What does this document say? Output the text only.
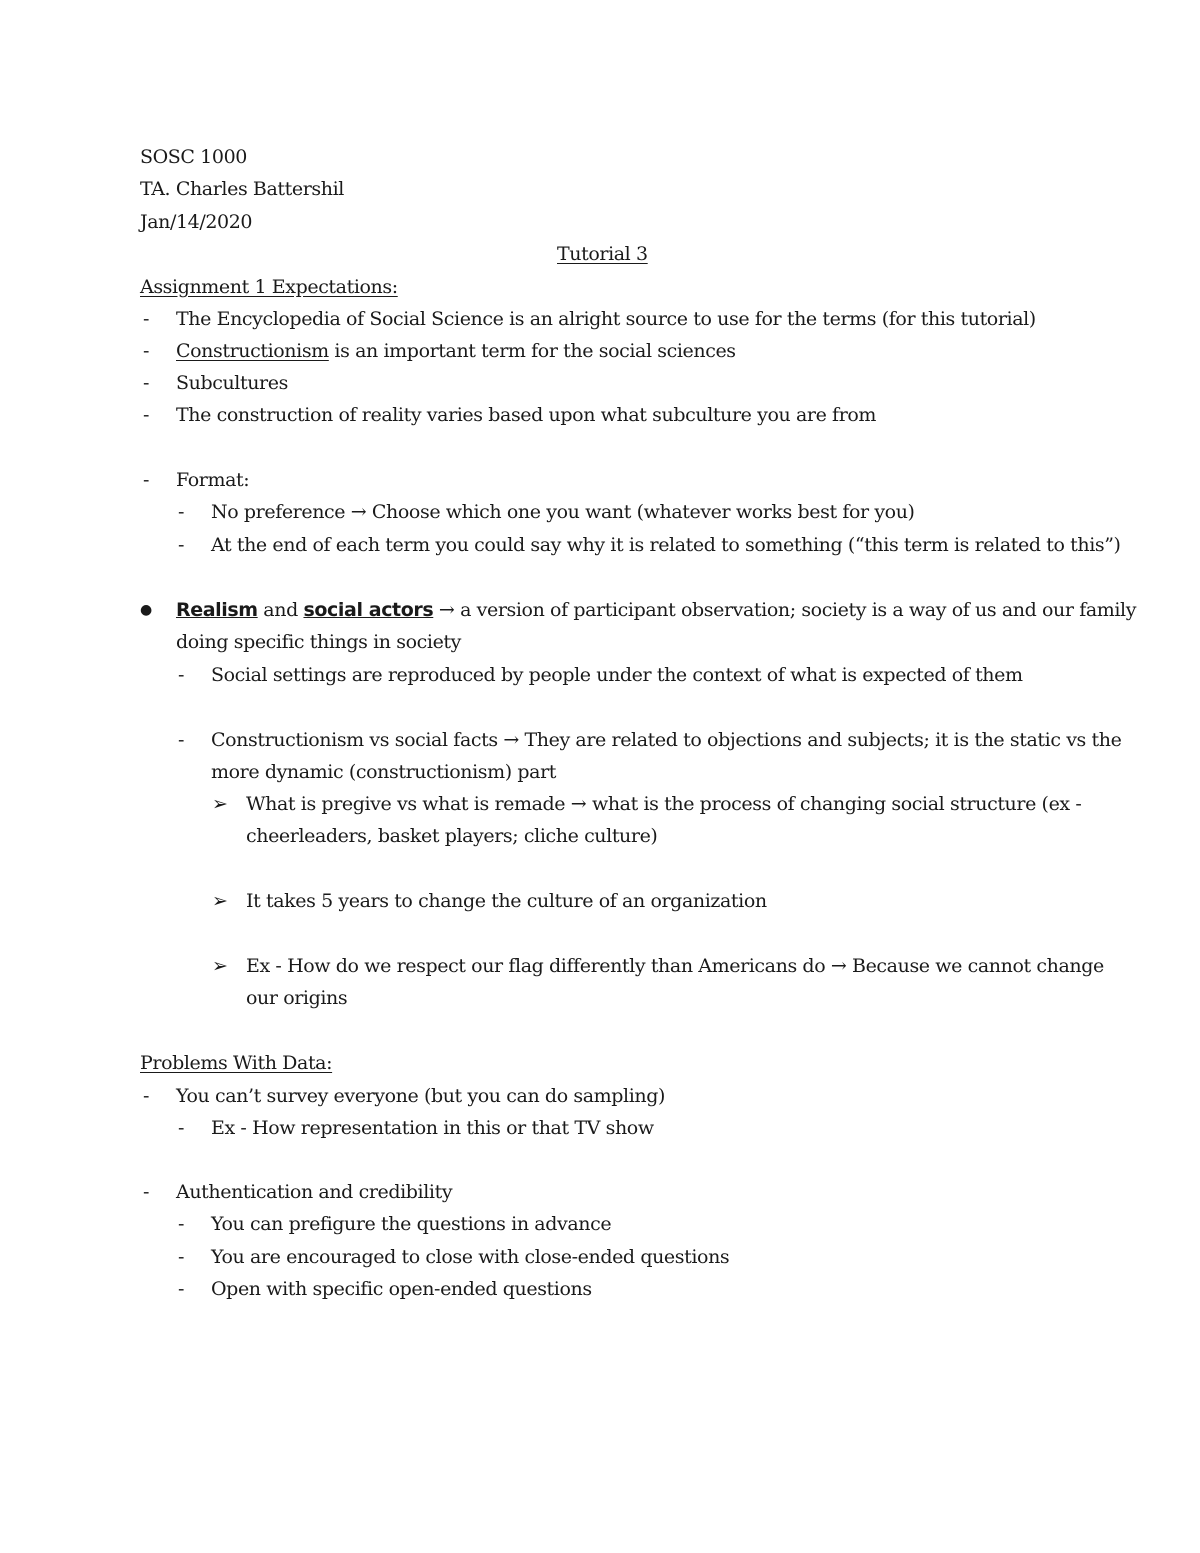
SOSC 1000
TA. Charles Battershil
Jan/14/2020
Tutorial 3
Assignment 1 Expectations:
- The Encyclopedia of Social Science is an alright source to use for the terms (for this tutorial)
- Constructionism is an important term for the social sciences
- Subcultures
- The construction of reality varies based upon what subculture you are from
- Format:
- No preference → Choose which one you want (whatever works best for you)
- At the end of each term you could say why it is related to something (“this term is related to this”)
● Realism and social actors → a version of participant observation; society is a way of us and our family
doing specific things in society
- Social settings are reproduced by people under the context of what is expected of them
- Constructionism vs social facts → They are related to objections and subjects; it is the static vs the
more dynamic (constructionism) part
➢ What is pregive vs what is remade → what is the process of changing social structure (ex -
cheerleaders, basket players; cliche culture)
➢ It takes 5 years to change the culture of an organization
➢ Ex - How do we respect our flag differently than Americans do → Because we cannot change
our origins
Problems With Data:
- You can’t survey everyone (but you can do sampling)
- Ex - How representation in this or that TV show
- Authentication and credibility
- You can prefigure the questions in advance
- You are encouraged to close with close-ended questions
- Open with specific open-ended questions
